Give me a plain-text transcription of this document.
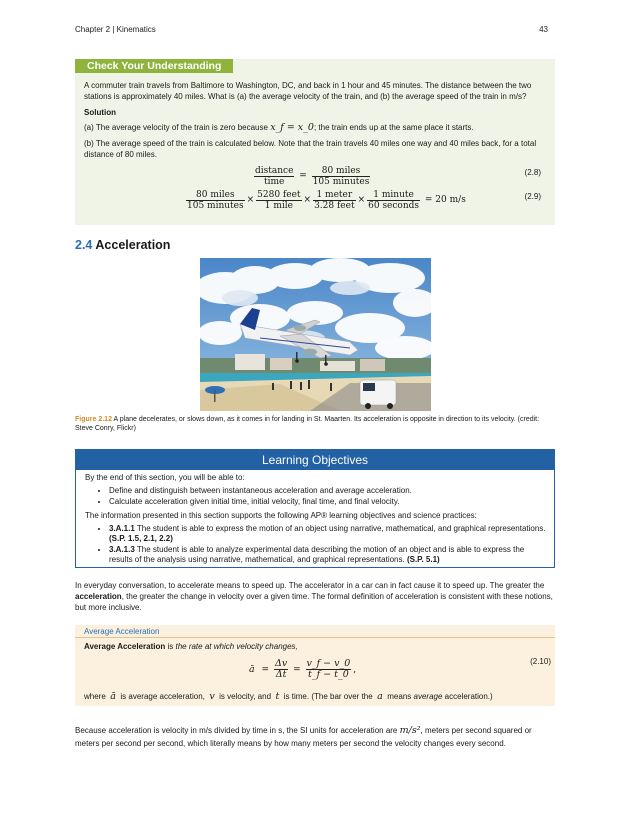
Chapter 2 | Kinematics	43
Check Your Understanding

A commuter train travels from Baltimore to Washington, DC, and back in 1 hour and 45 minutes. The distance between the two stations is approximately 40 miles. What is (a) the average velocity of the train, and (b) the average speed of the train in m/s?

Solution

(a) The average velocity of the train is zero because x_f = x_0; the train ends up at the same place it starts.

(b) The average speed of the train is calculated below. Note that the train travels 40 miles one way and 40 miles back, for a total distance of 80 miles.

$\frac{\text{distance}}{\text{time}} = \frac{\text{80 miles}}{\text{105 minutes}}$	(2.8)
$\frac{\text{80 miles}}{\text{105 minutes}} \times \frac{\text{5280 feet}}{\text{1 mile}} \times \frac{\text{1 meter}}{\text{3.28 feet}} \times \frac{\text{1 minute}}{\text{60 seconds}} = 20$ m/s	(2.9)
2.4 Acceleration
Figure 2.12 A plane decelerates, or slows down, as it comes in for landing in St. Maarten. Its acceleration is opposite in direction to its velocity. (credit: Steve Conry, Flickr)
Learning Objectives

By the end of this section, you will be able to:

• Define and distinguish between instantaneous acceleration and average acceleration.
• Calculate acceleration given initial time, initial velocity, final time, and final velocity.

The information presented in this section supports the following AP® learning objectives and science practices:

• 3.A.1.1 The student is able to express the motion of an object using narrative, mathematical, and graphical representations. (S.P. 1.5, 2.1, 2.2)
• 3.A.1.3 The student is able to analyze experimental data describing the motion of an object and is able to express the results of the analysis using narrative, mathematical, and graphical representations. (S.P. 5.1)
In everyday conversation, to accelerate means to speed up. The accelerator in a car can in fact cause it to speed up. The greater the acceleration, the greater the change in velocity over a given time. The formal definition of acceleration is consistent with these notions, but more inclusive.
Average Acceleration
Average Acceleration is the rate at which velocity changes,
ā = $\frac{\Delta v}{\Delta t} = \frac{v\_f - v\_0}{t\_f - t\_0}$ ,
(2.10)
where ā is average acceleration, v is velocity, and t is time. (The bar over the a means average acceleration.)
Because acceleration is velocity in m/s divided by time in s, the SI units for acceleration are m/s², meters per second squared or meters per second per second, which literally means by how many meters per second the velocity changes every second.
